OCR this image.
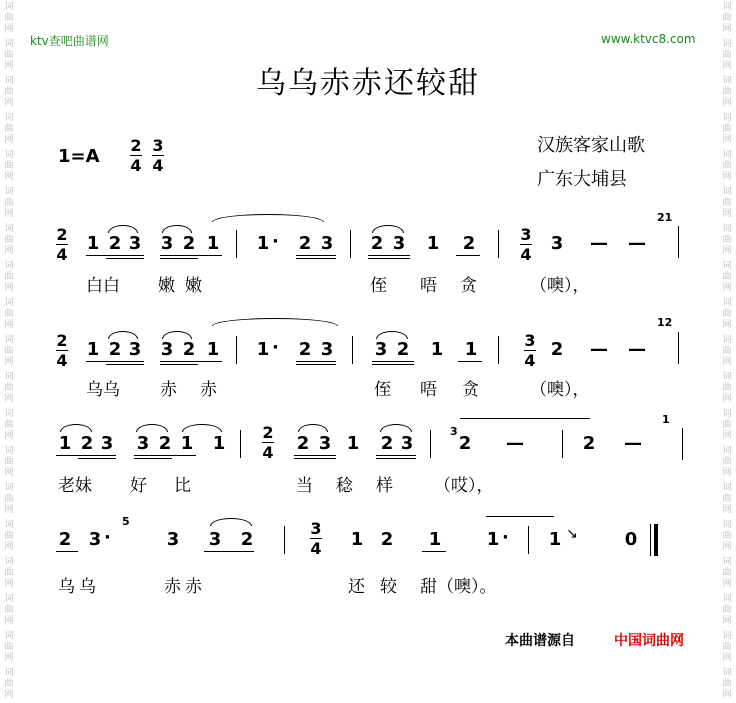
词
曲
网
词
曲
网
词
曲
网
词
曲
网
词
曲
网
词
曲
网
词
曲
网
词
曲
网
词
曲
网
词
曲
网
词
曲
网
词
曲
网
词
曲
网
词
曲
网
词
曲
网
词
曲
网
词
曲
网
词
曲
网
词
曲
网
词
曲
网
词
曲
网
词
曲
网
词
曲
网
词
曲
网
词
曲
网
词
曲
网
词
曲
网
词
曲
网
词
曲
网
词
曲
网
词
曲
网
词
曲
网
词
曲
网
词
曲
网
词
曲
网
词
曲
网
词
曲
网
词
曲
网
ktv查吧曲谱网	www.ktvc8.com
乌乌赤赤还较甜
1=A
2
4
3
4
汉族客家山歌
广东大埔县
2
4
1 2 3 3 2 1 1 · 2 3 2 3 1 2	3
4
3 — —
21
白白 嫩嫩	侄 唔 贪	（噢），
2
4
1 2 3 3 2 1 1 · 2 3 3 2 1 1	3
4
2 — —
12
乌乌 赤 赤	侄 唔 贪	（噢），
1 2 3 3 2 1 1
2
4 2 3 1 2 3
3
2 —	2 —
1
老妹 好 比	当 稔 样 （哎），
2 3 ·
5
3 3 2
3
4 1 2 1	1 · 1 ↘	0
乌乌	赤赤	还 较 甜（噢）。
本曲谱源自	中国词曲网
